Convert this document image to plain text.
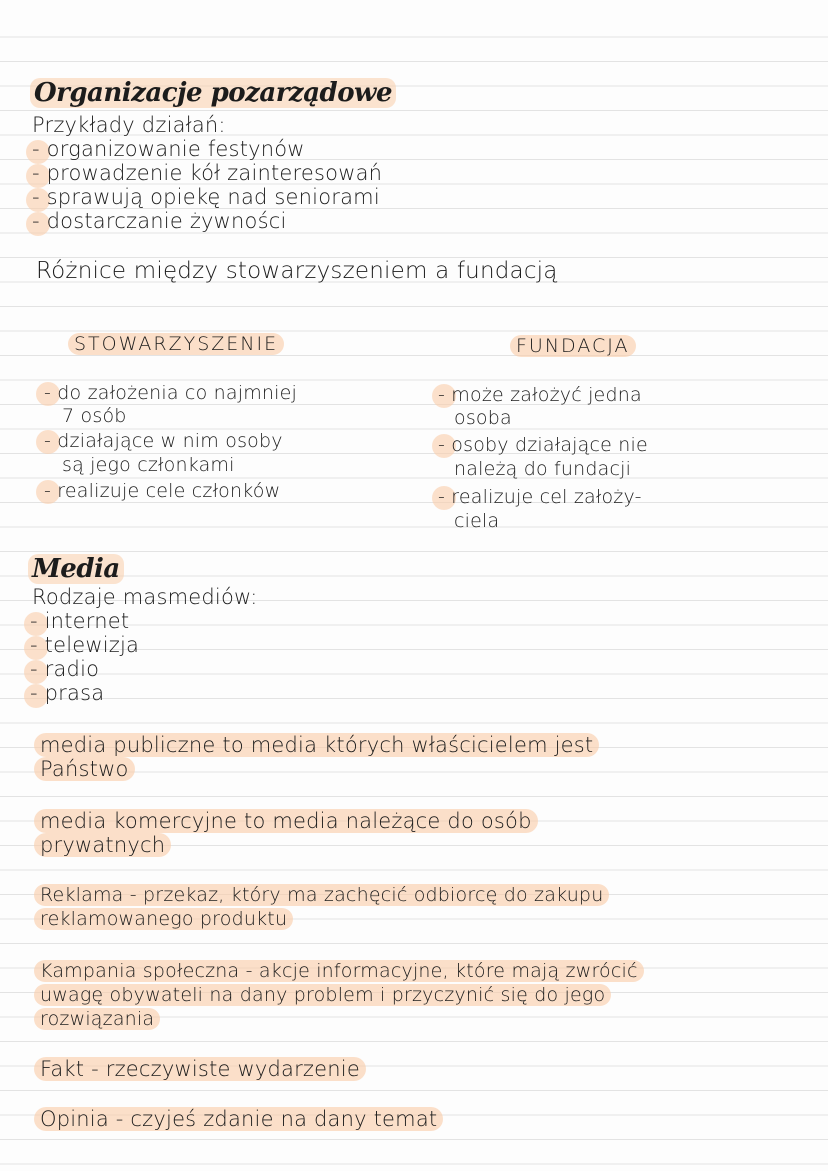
Organizacje pozarządowe
Przykłady działań:
- organizowanie festynów
- prowadzenie kół zainteresowań
- sprawują opiekę nad seniorami
- dostarczanie żywności
Różnice między stowarzyszeniem a fundacją
STOWARZYSZENIE	FUNDACJA
- do założenia co najmniej
7 osób
- działające w nim osoby
są jego członkami
- realizuje cele członków
- może założyć jedna
osoba
- osoby działające nie
należą do fundacji
- realizuje cel założy-
ciela
Media
Rodzaje masmediów:
- internet
- telewizja
- radio
- prasa
media publiczne to media których właścicielem jest
Państwo
media komercyjne to media należące do osób
prywatnych
Reklama - przekaz, który ma zachęcić odbiorcę do zakupu
reklamowanego produktu
Kampania społeczna - akcje informacyjne, które mają zwrócić
uwagę obywateli na dany problem i przyczynić się do jego
rozwiązania
Fakt - rzeczywiste wydarzenie
Opinia - czyjeś zdanie na dany temat
